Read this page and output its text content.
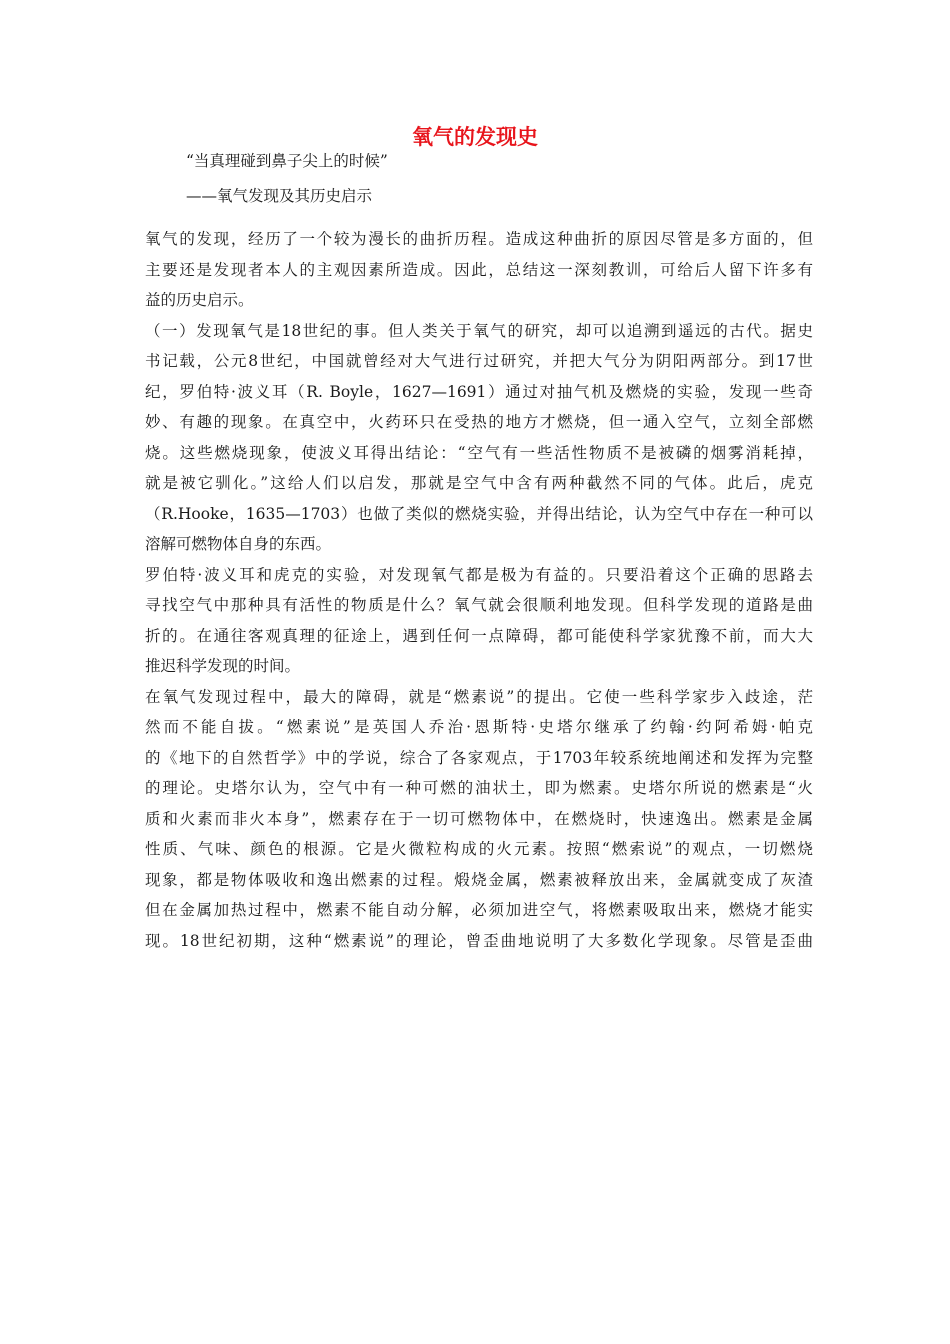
氧气的发现史
“当真理碰到鼻子尖上的时候”
——氧气发现及其历史启示
氧气的发现，经历了一个较为漫长的曲折历程。造成这种曲折的原因尽管是多方面的，但
主要还是发现者本人的主观因素所造成。因此，总结这一深刻教训，可给后人留下许多有
益的历史启示。
（一）发现氧气是18世纪的事。但人类关于氧气的研究，却可以追溯到遥远的古代。据史
书记载，公元8世纪，中国就曾经对大气进行过研究，并把大气分为阴阳两部分。到17世
纪，罗伯特·波义耳（R. Boyle，1627—1691）通过对抽气机及燃烧的实验，发现一些奇
妙、有趣的现象。在真空中，火药环只在受热的地方才燃烧，但一通入空气，立刻全部燃
烧。这些燃烧现象，使波义耳得出结论：“空气有一些活性物质不是被磷的烟雾消耗掉，
就是被它驯化。”这给人们以启发，那就是空气中含有两种截然不同的气体。此后，虎克
（R.Hooke，1635—1703）也做了类似的燃烧实验，并得出结论，认为空气中存在一种可以
溶解可燃物体自身的东西。
罗伯特·波义耳和虎克的实验，对发现氧气都是极为有益的。只要沿着这个正确的思路去
寻找空气中那种具有活性的物质是什么？氧气就会很顺利地发现。但科学发现的道路是曲
折的。在通往客观真理的征途上，遇到任何一点障碍，都可能使科学家犹豫不前，而大大
推迟科学发现的时间。
在氧气发现过程中，最大的障碍，就是“燃素说”的提出。它使一些科学家步入歧途，茫
然而不能自拔。“燃素说”是英国人乔治·恩斯特·史塔尔继承了约翰·约阿希姆·帕克
的《地下的自然哲学》中的学说，综合了各家观点，于1703年较系统地阐述和发挥为完整
的理论。史塔尔认为，空气中有一种可燃的油状土，即为燃素。史塔尔所说的燃素是“火
质和火素而非火本身”，燃素存在于一切可燃物体中，在燃烧时，快速逸出。燃素是金属
性质、气味、颜色的根源。它是火微粒构成的火元素。按照“燃索说”的观点，一切燃烧
现象，都是物体吸收和逸出燃素的过程。煅烧金属，燃素被释放出来，金属就变成了灰渣
但在金属加热过程中，燃素不能自动分解，必须加进空气，将燃素吸取出来，燃烧才能实
现。18世纪初期，这种“燃素说”的理论，曾歪曲地说明了大多数化学现象。尽管是歪曲
